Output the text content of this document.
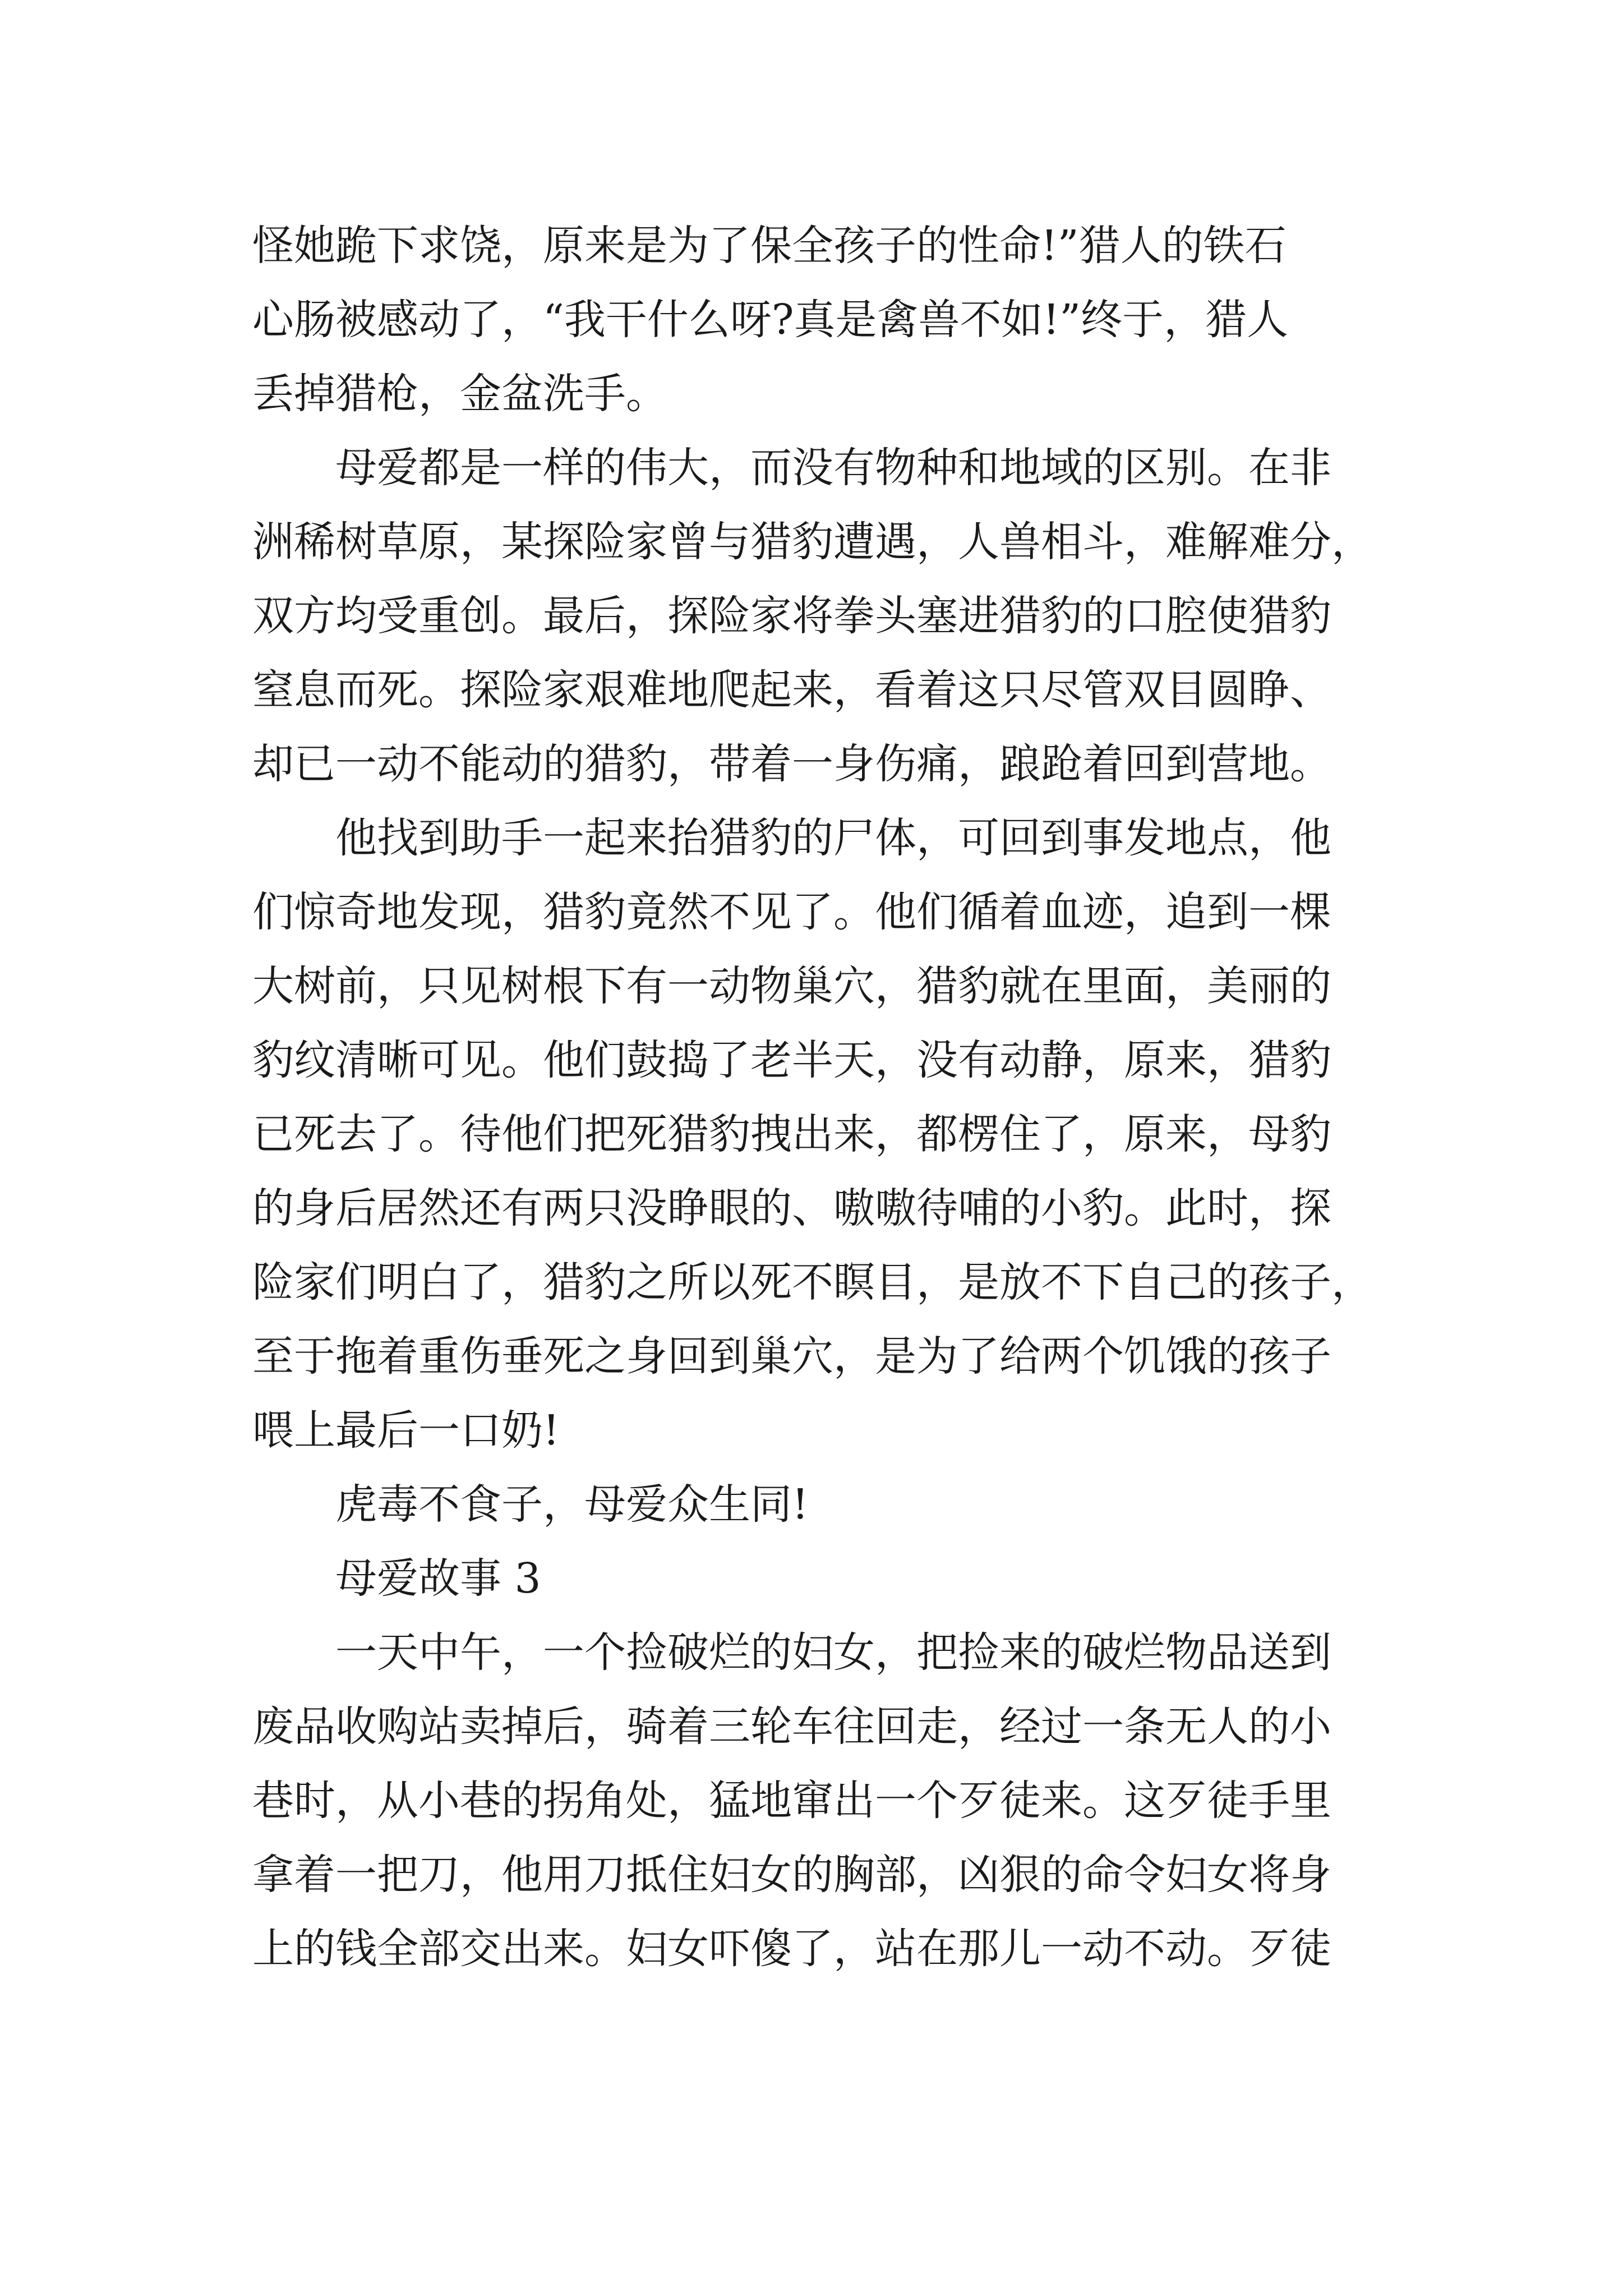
怪她跪下求饶，原来是为了保全孩子的性命!”猎人的铁石
心肠被感动了，“我干什么呀?真是禽兽不如!”终于，猎人
丢掉猎枪，金盆洗手。
母爱都是一样的伟大，而没有物种和地域的区别。在非
洲稀树草原，某探险家曾与猎豹遭遇，人兽相斗，难解难分，
双方均受重创。最后，探险家将拳头塞进猎豹的口腔使猎豹
窒息而死。探险家艰难地爬起来，看着这只尽管双目圆睁、
却已一动不能动的猎豹，带着一身伤痛，踉跄着回到营地。
他找到助手一起来抬猎豹的尸体，可回到事发地点，他
们惊奇地发现，猎豹竟然不见了。他们循着血迹，追到一棵
大树前，只见树根下有一动物巢穴，猎豹就在里面，美丽的
豹纹清晰可见。他们鼓捣了老半天，没有动静，原来，猎豹
已死去了。待他们把死猎豹拽出来，都楞住了，原来，母豹
的身后居然还有两只没睁眼的、嗷嗷待哺的小豹。此时，探
险家们明白了，猎豹之所以死不瞑目，是放不下自己的孩子，
至于拖着重伤垂死之身回到巢穴，是为了给两个饥饿的孩子
喂上最后一口奶!
虎毒不食子，母爱众生同!
母爱故事 3
一天中午，一个捡破烂的妇女，把捡来的破烂物品送到
废品收购站卖掉后，骑着三轮车往回走，经过一条无人的小
巷时，从小巷的拐角处，猛地窜出一个歹徒来。这歹徒手里
拿着一把刀，他用刀抵住妇女的胸部，凶狠的命令妇女将身
上的钱全部交出来。妇女吓傻了，站在那儿一动不动。歹徒
